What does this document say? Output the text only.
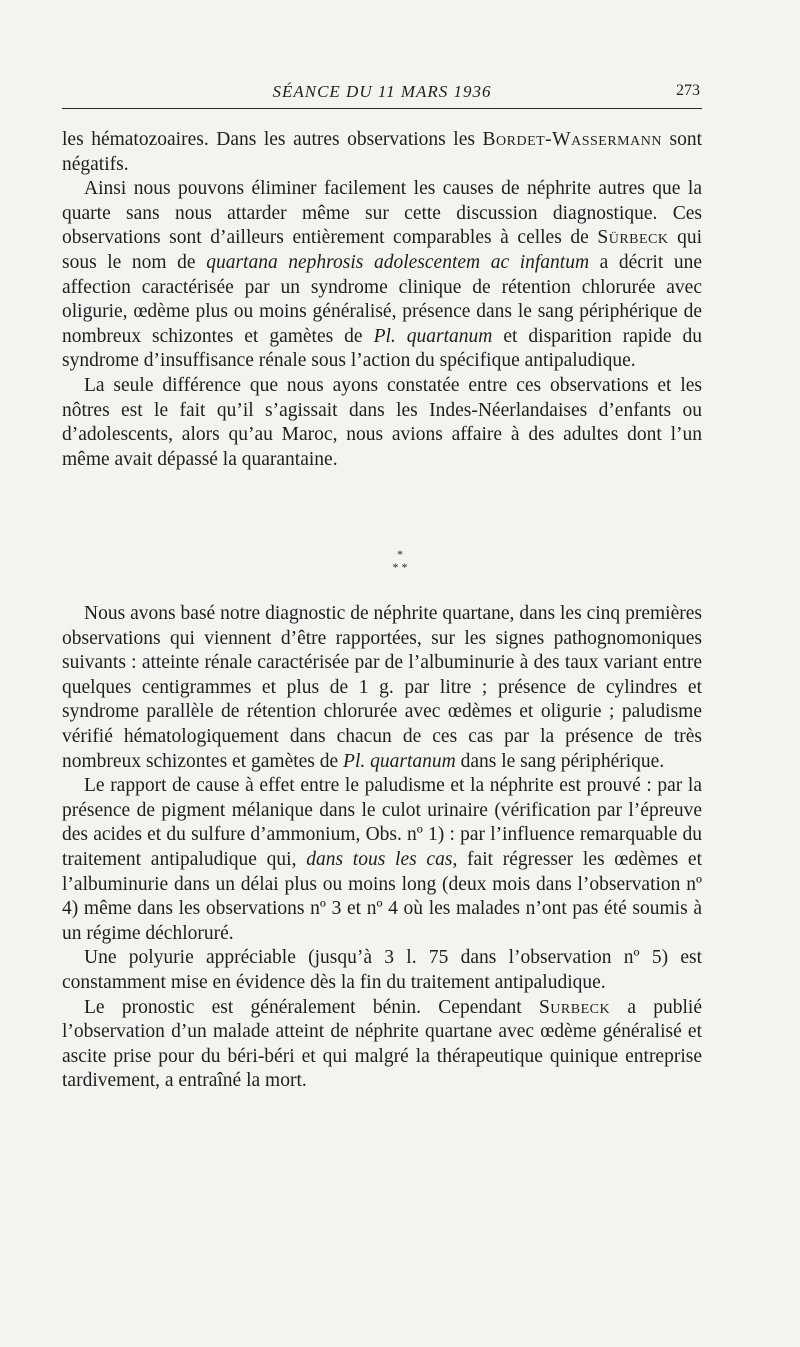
SÉANCE DU 11 MARS 1936	273

les hématozoaires. Dans les autres observations les Bordet-Wassermann sont négatifs.

Ainsi nous pouvons éliminer facilement les causes de néphrite autres que la quarte sans nous attarder même sur cette discussion diagnostique. Ces observations sont d’ailleurs entièrement comparables à celles de Sürbeck qui sous le nom de quartana nephrosis adolescentem ac infantum a décrit une affection caractérisée par un syndrome clinique de rétention chlorurée avec oligurie, œdème plus ou moins généralisé, présence dans le sang périphérique de nombreux schizontes et gamètes de Pl. quartanum et disparition rapide du syndrome d’insuffisance rénale sous l’action du spécifique antipaludique.

La seule différence que nous ayons constatée entre ces observations et les nôtres est le fait qu’il s’agissait dans les Indes-Néerlandaises d’enfants ou d’adolescents, alors qu’au Maroc, nous avions affaire à des adultes dont l’un même avait dépassé la quarantaine.

*
* *

Nous avons basé notre diagnostic de néphrite quartane, dans les cinq premières observations qui viennent d’être rapportées, sur les signes pathognomoniques suivants : atteinte rénale caractérisée par de l’albuminurie à des taux variant entre quelques centigrammes et plus de 1 g. par litre ; présence de cylindres et syndrome parallèle de rétention chlorurée avec œdèmes et oligurie ; paludisme vérifié hématologiquement dans chacun de ces cas par la présence de très nombreux schizontes et gamètes de Pl. quartanum dans le sang périphérique.

Le rapport de cause à effet entre le paludisme et la néphrite est prouvé : par la présence de pigment mélanique dans le culot urinaire (vérification par l’épreuve des acides et du sulfure d’ammonium, Obs. nº 1) : par l’influence remarquable du traitement antipaludique qui, dans tous les cas, fait régresser les œdèmes et l’albuminurie dans un délai plus ou moins long (deux mois dans l’observation nº 4) même dans les observations nº 3 et nº 4 où les malades n’ont pas été soumis à un régime déchloruré.

Une polyurie appréciable (jusqu’à 3 l. 75 dans l’observation nº 5) est constamment mise en évidence dès la fin du traitement antipaludique.

Le pronostic est généralement bénin. Cependant Surbeck a publié l’observation d’un malade atteint de néphrite quartane avec œdème généralisé et ascite prise pour du béri-béri et qui malgré la thérapeutique quinique entreprise tardivement, a entraîné la mort.
